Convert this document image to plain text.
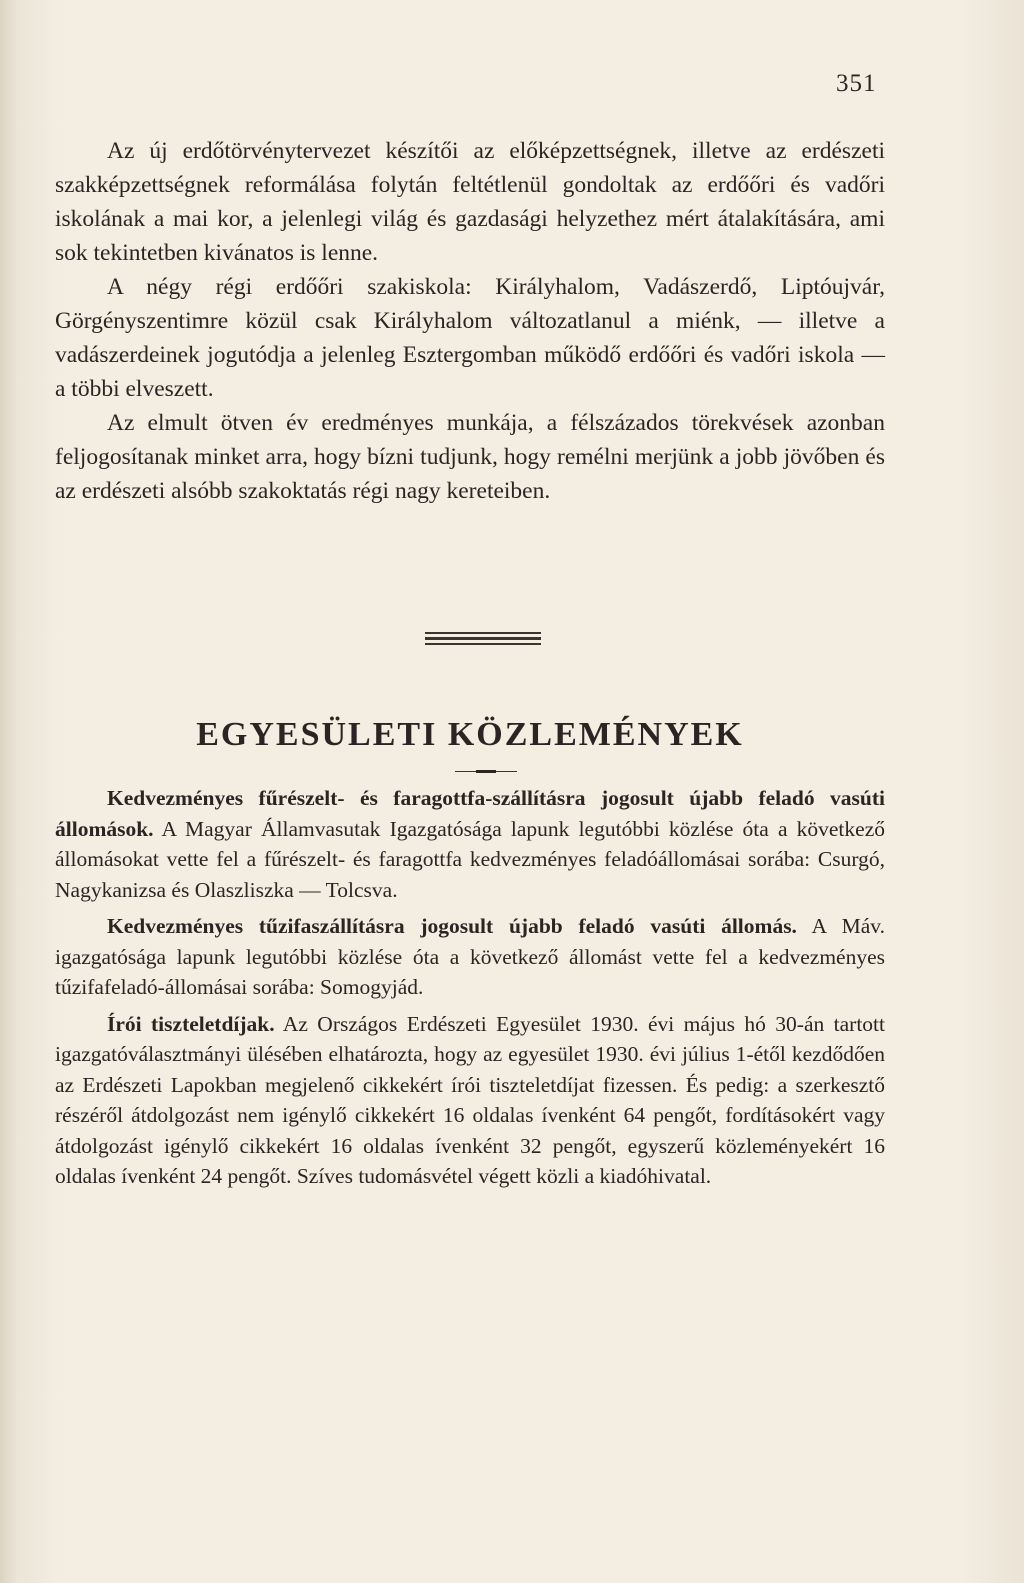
351

Az új erdőtörvénytervezet készítői az előképzettségnek, illetve az erdészeti szakképzettségnek reformálása folytán feltétlenül gondoltak az erdőőri és vadőri iskolának a mai kor, a jelenlegi világ és gazdasági helyzethez mért átalakítására, ami sok tekintetben kivánatos is lenne.

A négy régi erdőőri szakiskola: Királyhalom, Vadászerdő, Liptóujvár, Görgényszentimre közül csak Királyhalom változatlanul a miénk, — illetve a vadászerdeinek jogutódja a jelenleg Esztergomban működő erdőőri és vadőri iskola — a többi elveszett.

Az elmult ötven év eredményes munkája, a félszázados törekvések azonban feljogosítanak minket arra, hogy bízni tudjunk, hogy remélni merjünk a jobb jövőben és az erdészeti alsóbb szakoktatás régi nagy kereteiben.

EGYESÜLETI KÖZLEMÉNYEK

Kedvezményes fűrészelt- és faragottfa-szállításra jogosult újabb feladó vasúti állomások. A Magyar Államvasutak Igazgatósága lapunk legutóbbi közlése óta a következő állomásokat vette fel a fűrészelt- és faragottfa kedvezményes feladóállomásai sorába: Csurgó, Nagykanizsa és Olaszliszka — Tolcsva.

Kedvezményes tűzifaszállításra jogosult újabb feladó vasúti állomás. A Máv. igazgatósága lapunk legutóbbi közlése óta a következő állomást vette fel a kedvezményes tűzifafeladó-állomásai sorába: Somogyjád.

Írói tiszteletdíjak. Az Országos Erdészeti Egyesület 1930. évi május hó 30-án tartott igazgatóválasztmányi ülésében elhatározta, hogy az egyesület 1930. évi július 1-étől kezdődően az Erdészeti Lapokban megjelenő cikkekért írói tiszteletdíjat fizessen. És pedig: a szerkesztő részéről átdolgozást nem igénylő cikkekért 16 oldalas ívenként 64 pengőt, fordításokért vagy átdolgozást igénylő cikkekért 16 oldalas ívenként 32 pengőt, egyszerű közleményekért 16 oldalas ívenként 24 pengőt. Szíves tudomásvétel végett közli a kiadóhivatal.
